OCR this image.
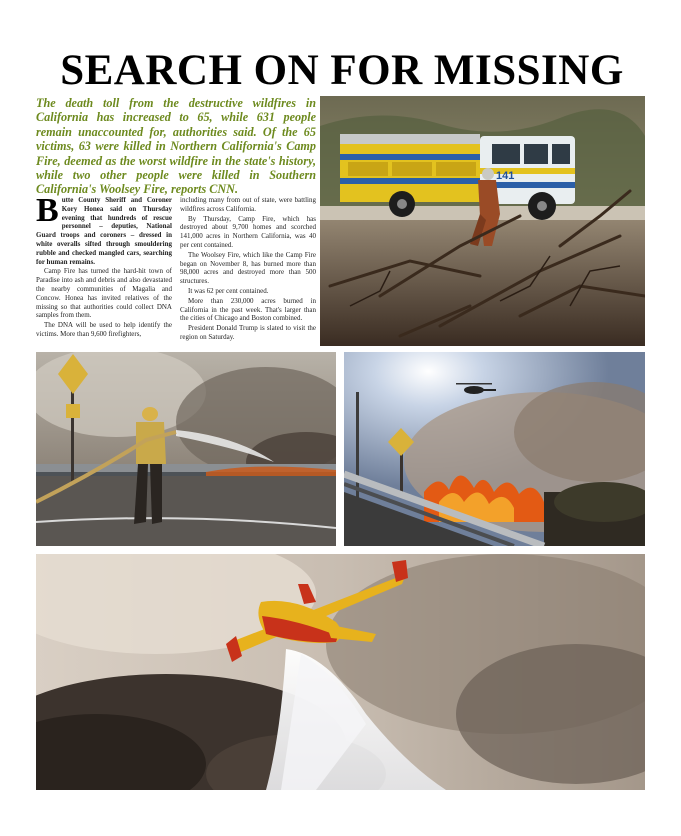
SEARCH ON FOR MISSING
The death toll from the destructive wildfires in California has increased to 65, while 631 people remain unaccounted for, authorities said. Of the 65 victims, 63 were killed in Northern California's Camp Fire, deemed as the worst wildfire in the state's history, while two other people were killed in Southern California's Woolsey Fire, reports CNN.

Butte County Sheriff and Coroner Kory Honea said on Thursday evening that hundreds of rescue personnel – deputies, National Guard troops and coroners – dressed in white overalls sifted through smouldering rubble and checked mangled cars, searching for human remains.

Camp Fire has turned the hard-hit town of Paradise into ash and debris and also devastated the nearby communities of Magalia and Concow. Honea has invited relatives of the missing so that authorities could collect DNA samples from them.

The DNA will be used to help identify the victims. More than 9,600 firefighters,

including many from out of state, were battling wildfires across California.

By Thursday, Camp Fire, which has destroyed about 9,700 homes and scorched 141,000 acres in Northern California, was 40 per cent contained.

The Woolsey Fire, which like the Camp Fire began on November 8, has burned more than 98,000 acres and destroyed more than 500 structures.

It was 62 per cent contained.

More than 230,000 acres burned in California in the past week. That's larger than the cities of Chicago and Boston combined.

President Donald Trump is slated to visit the region on Saturday.

141
